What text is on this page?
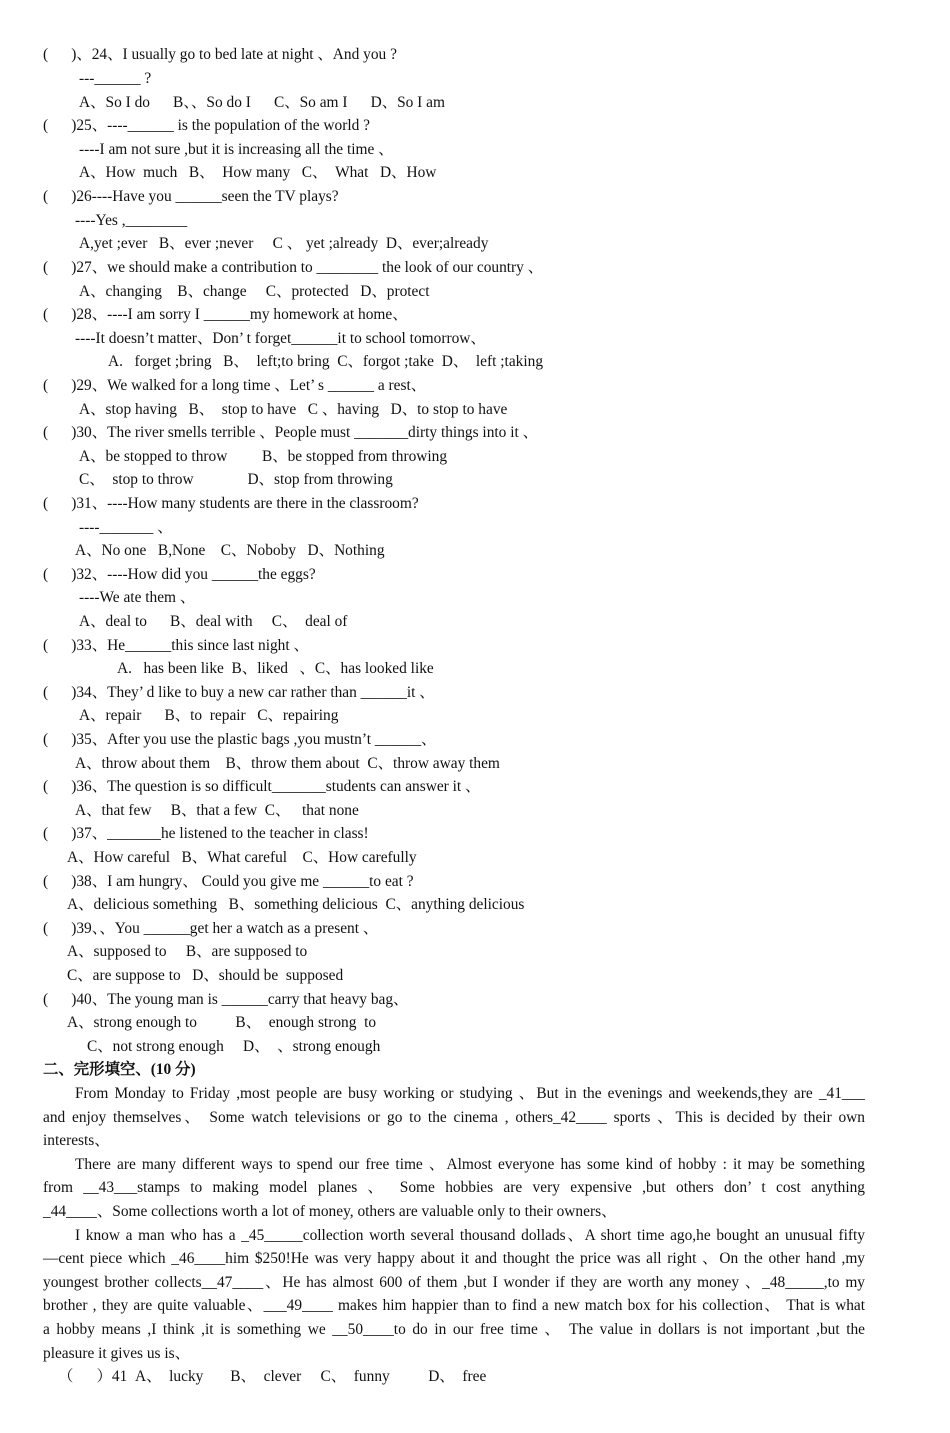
(      )、24、I usually go to bed late at night 、And you ?
---______ ?
A、So I do      B、、So do I      C、So am I      D、So I am
(      )25、----______ is the population of the world ?
----I am not sure ,but it is increasing all the time 、
A、How  much   B、  How many   C、  What   D、How
(      )26----Have you ______seen the TV plays?
----Yes ,________
A,yet ;ever   B、ever ;never     C 、 yet ;already  D、ever;already
(      )27、we should make a contribution to ________ the look of our country 、
A、changing    B、change     C、protected   D、protect
(      )28、----I am sorry I ______my homework at home、
----It doesn’t matter、Don’ t forget______it to school tomorrow、
A.   forget ;bring   B、  left;to bring  C、forgot ;take  D、  left ;taking
(      )29、We walked for a long time 、Let’ s ______ a rest、
A、stop having   B、  stop to have   C 、having   D、to stop to have
(      )30、The river smells terrible 、People must _______dirty things into it 、
A、be stopped to throw         B、be stopped from throwing
C、  stop to throw              D、stop from throwing
(      )31、----How many students are there in the classroom?
----_______ 、
A、No one   B,None    C、Noboby   D、Nothing
(      )32、----How did you ______the eggs?
----We ate them 、
A、deal to      B、deal with     C、  deal of
(      )33、He______this since last night 、
A.   has been like  B、liked   、C、has looked like
(      )34、They’ d like to buy a new car rather than ______it 、
A、repair      B、to  repair   C、repairing
(      )35、After you use the plastic bags ,you mustn’t ______、
A、throw about them    B、throw them about  C、throw away them
(      )36、The question is so difficult_______students can answer it 、
A、that few     B、that a few  C、   that none
(      )37、_______he listened to the teacher in class!
A、How careful   B、What careful    C、How carefully
(      )38、I am hungry、 Could you give me ______to eat ?
A、delicious something   B、something delicious  C、anything delicious
(      )39、、You ______get her a watch as a present 、
A、supposed to     B、are supposed to
C、are suppose to   D、should be  supposed
(      )40、The young man is ______carry that heavy bag、
A、strong enough to          B、  enough strong  to
C、not strong enough     D、  、strong enough
二、完形填空、(10 分)
From Monday to Friday ,most people are busy working or studying 、But in the evenings and weekends,they are _41___
and enjoy themselves、 Some watch televisions or go to the cinema , others_42____ sports 、This is decided by their own
interests、
There are many different ways to spend our free time 、Almost everyone has some kind of hobby : it may be something
from __43___stamps to making model planes 、 Some hobbies are very expensive ,but others don’ t cost anything
_44____、Some collections worth a lot of money, others are valuable only to their owners、
I know a man who has a _45_____collection worth several thousand dollads、A short time ago,he bought an unusual fifty
—cent piece which _46____him $250!He was very happy about it and thought the price was all right 、On the other hand ,my
youngest brother collects__47____、He has almost 600 of them ,but I wonder if they are worth any money 、_48_____,to my
brother , they are quite valuable、___49____ makes him happier than to find a new match box for his collection、 That is what
a hobby means ,I think ,it is something we __50____to do in our free time 、 The value in dollars is not important ,but the
pleasure it gives us is、
（      ）41  A、  lucky       B、  clever     C、  funny          D、  free
